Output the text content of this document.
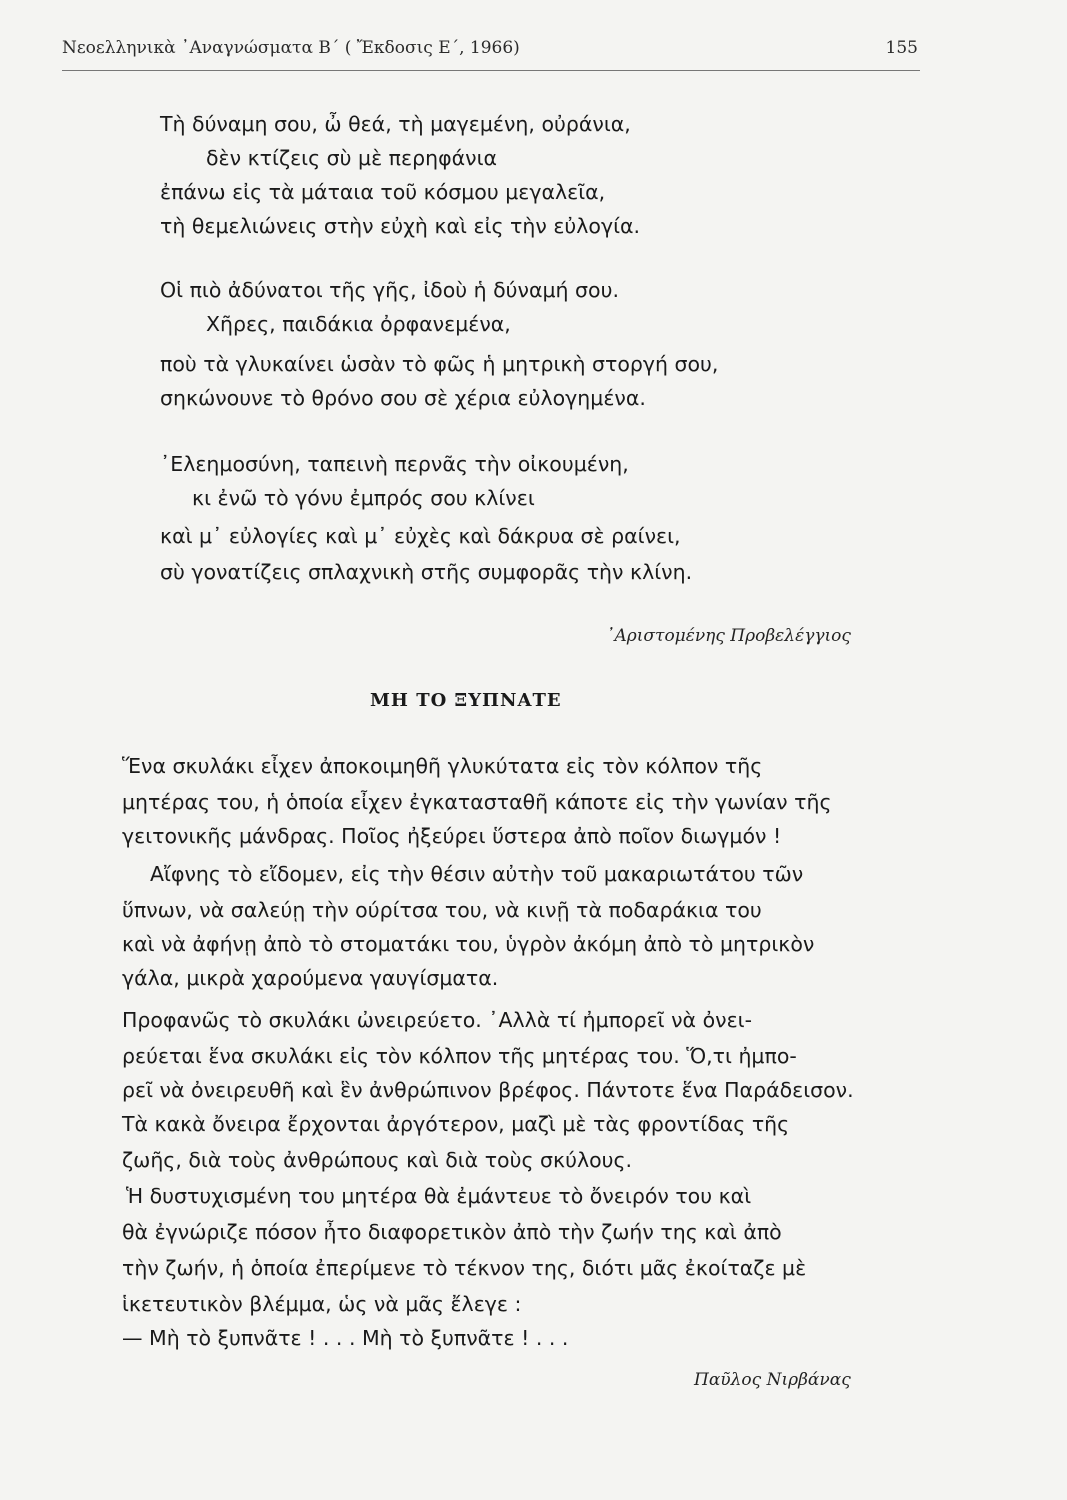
Νεοελληνικὰ ᾿Αναγνώσματα Β΄ ( Ἔκδοσις Ε΄, 1966)	155
Τὴ δύναμη σου, ὦ θεά, τὴ μαγεμένη, οὐράνια,
δὲν κτίζεις σὺ μὲ περηφάνια
ἐπάνω εἰς τὰ μάταια τοῦ κόσμου μεγαλεῖα,
τὴ θεμελιώνεις στὴν εὐχὴ καὶ εἰς τὴν εὐλογία.
Οἱ πιὸ ἀδύνατοι τῆς γῆς, ἰδοὺ ἡ δύναμή σου.
Χῆρες, παιδάκια ὀρφανεμένα,
ποὺ τὰ γλυκαίνει ὡσὰν τὸ φῶς ἡ μητρικὴ στοργή σου,
σηκώνουνε τὸ θρόνο σου σὲ χέρια εὐλογημένα.
᾿Ελεημοσύνη, ταπεινὴ περνᾶς τὴν οἰκουμένη,
κι ἐνῶ τὸ γόνυ ἐμπρός σου κλίνει
καὶ μ᾿ εὐλογίες καὶ μ᾿ εὐχὲς καὶ δάκρυα σὲ ραίνει,
σὺ γονατίζεις σπλαχνικὴ στῆς συμφορᾶς τὴν κλίνη.
᾿Αριστομένης Προβελέγγιος
ΜΗ ΤΟ ΞΥΠΝΑΤΕ
Ἕνα σκυλάκι εἶχεν ἀποκοιμηθῆ γλυκύτατα εἰς τὸν κόλπον τῆς
μητέρας του, ἡ ὁποία εἶχεν ἐγκατασταθῆ κάποτε εἰς τὴν γωνίαν τῆς
γειτονικῆς μάνδρας. Ποῖος ἠξεύρει ὕστερα ἀπὸ ποῖον διωγμόν !
Αἴφνης τὸ εἴδομεν, εἰς τὴν θέσιν αὐτὴν τοῦ μακαριωτάτου τῶν
ὕπνων, νὰ σαλεύῃ τὴν ούρίτσα του, νὰ κινῇ τὰ ποδαράκια του
καὶ νὰ ἀφήνῃ ἀπὸ τὸ στοματάκι του, ὑγρὸν ἀκόμη ἀπὸ τὸ μητρικὸν
γάλα, μικρὰ χαρούμενα γαυγίσματα.
Προφανῶς τὸ σκυλάκι ὠνειρεύετο. ᾿Αλλὰ τί ἠμπορεῖ νὰ ὀνει-
ρεύεται ἕνα σκυλάκι εἰς τὸν κόλπον τῆς μητέρας του. Ὅ,τι ἠμπο-
ρεῖ νὰ ὀνειρευθῆ καὶ ἓν ἀνθρώπινον βρέφος. Πάντοτε ἕνα Παράδεισον.
Τὰ κακὰ ὄνειρα ἔρχονται ἀργότερον, μαζὶ μὲ τὰς φροντίδας τῆς
ζωῆς, διὰ τοὺς ἀνθρώπους καὶ διὰ τοὺς σκύλους.
Ἡ δυστυχισμένη του μητέρα θὰ ἐμάντευε τὸ ὄνειρόν του καὶ
θὰ ἐγνώριζε πόσον ἦτο διαφορετικὸν ἀπὸ τὴν ζωήν της καὶ ἀπὸ
τὴν ζωήν, ἡ ὁποία ἐπερίμενε τὸ τέκνον της, διότι μᾶς ἐκοίταζε μὲ
ἱκετευτικὸν βλέμμα, ὡς νὰ μᾶς ἔλεγε :
— Μὴ τὸ ξυπνᾶτε ! . . . Μὴ τὸ ξυπνᾶτε ! . . .
Παῦλος Νιρβάνας
